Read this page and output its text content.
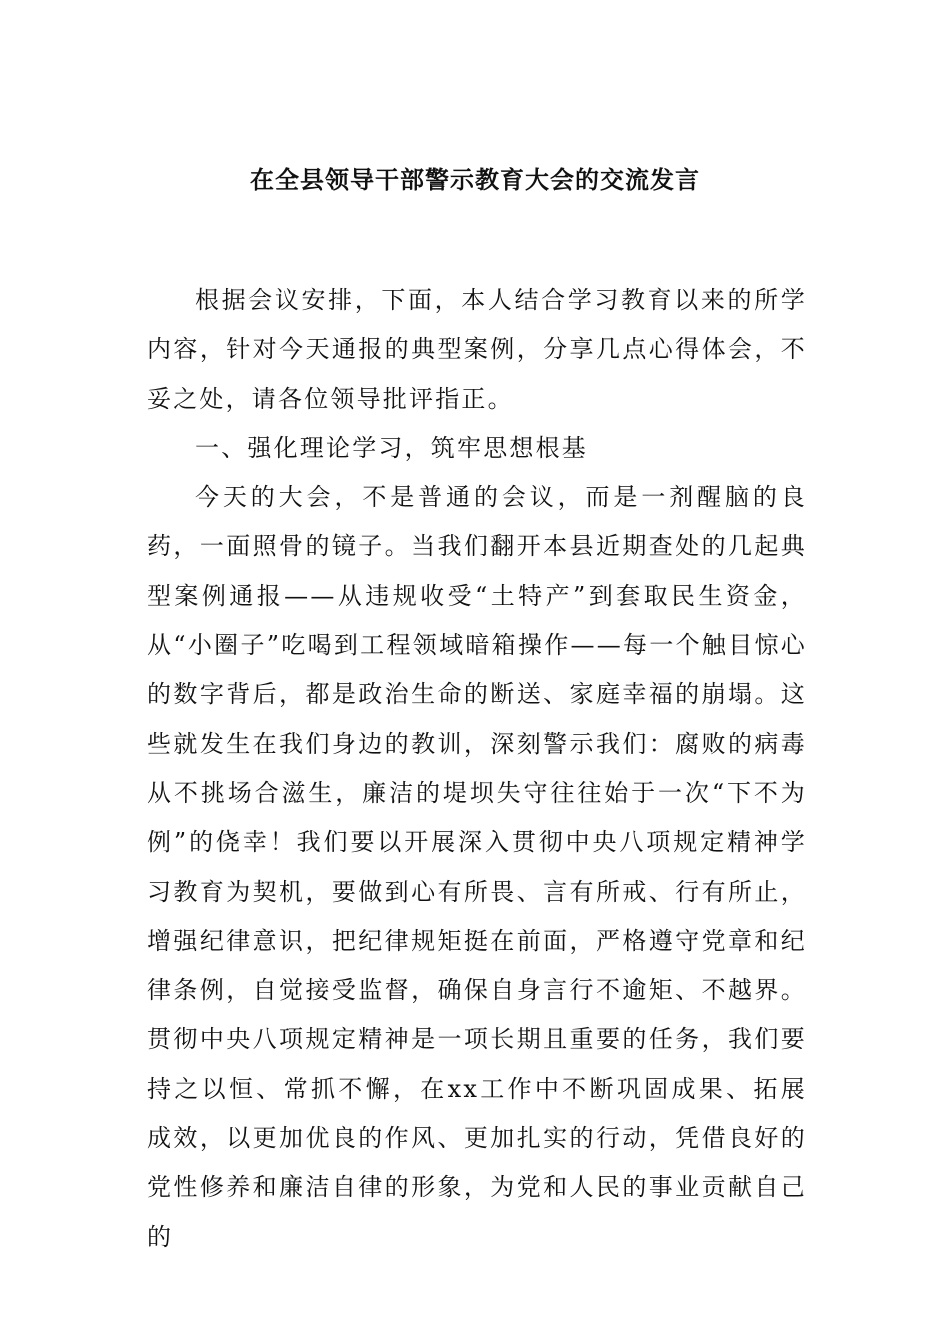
在全县领导干部警示教育大会的交流发言

根据会议安排，下面，本人结合学习教育以来的所学内容，针对今天通报的典型案例，分享几点心得体会，不妥之处，请各位领导批评指正。

一、强化理论学习，筑牢思想根基

今天的大会，不是普通的会议，而是一剂醒脑的良药，一面照骨的镜子。当我们翻开本县近期查处的几起典型案例通报——从违规收受“土特产”到套取民生资金，从“小圈子”吃喝到工程领域暗箱操作——每一个触目惊心的数字背后，都是政治生命的断送、家庭幸福的崩塌。这些就发生在我们身边的教训，深刻警示我们：腐败的病毒从不挑场合滋生，廉洁的堤坝失守往往始于一次“下不为例”的侥幸！我们要以开展深入贯彻中央八项规定精神学习教育为契机，要做到心有所畏、言有所戒、行有所止，增强纪律意识，把纪律规矩挺在前面，严格遵守党章和纪律条例，自觉接受监督，确保自身言行不逾矩、不越界。贯彻中央八项规定精神是一项长期且重要的任务，我们要持之以恒、常抓不懈，在xx工作中不断巩固成果、拓展成效，以更加优良的作风、更加扎实的行动，凭借良好的党性修养和廉洁自律的形象，为党和人民的事业贡献自己的
